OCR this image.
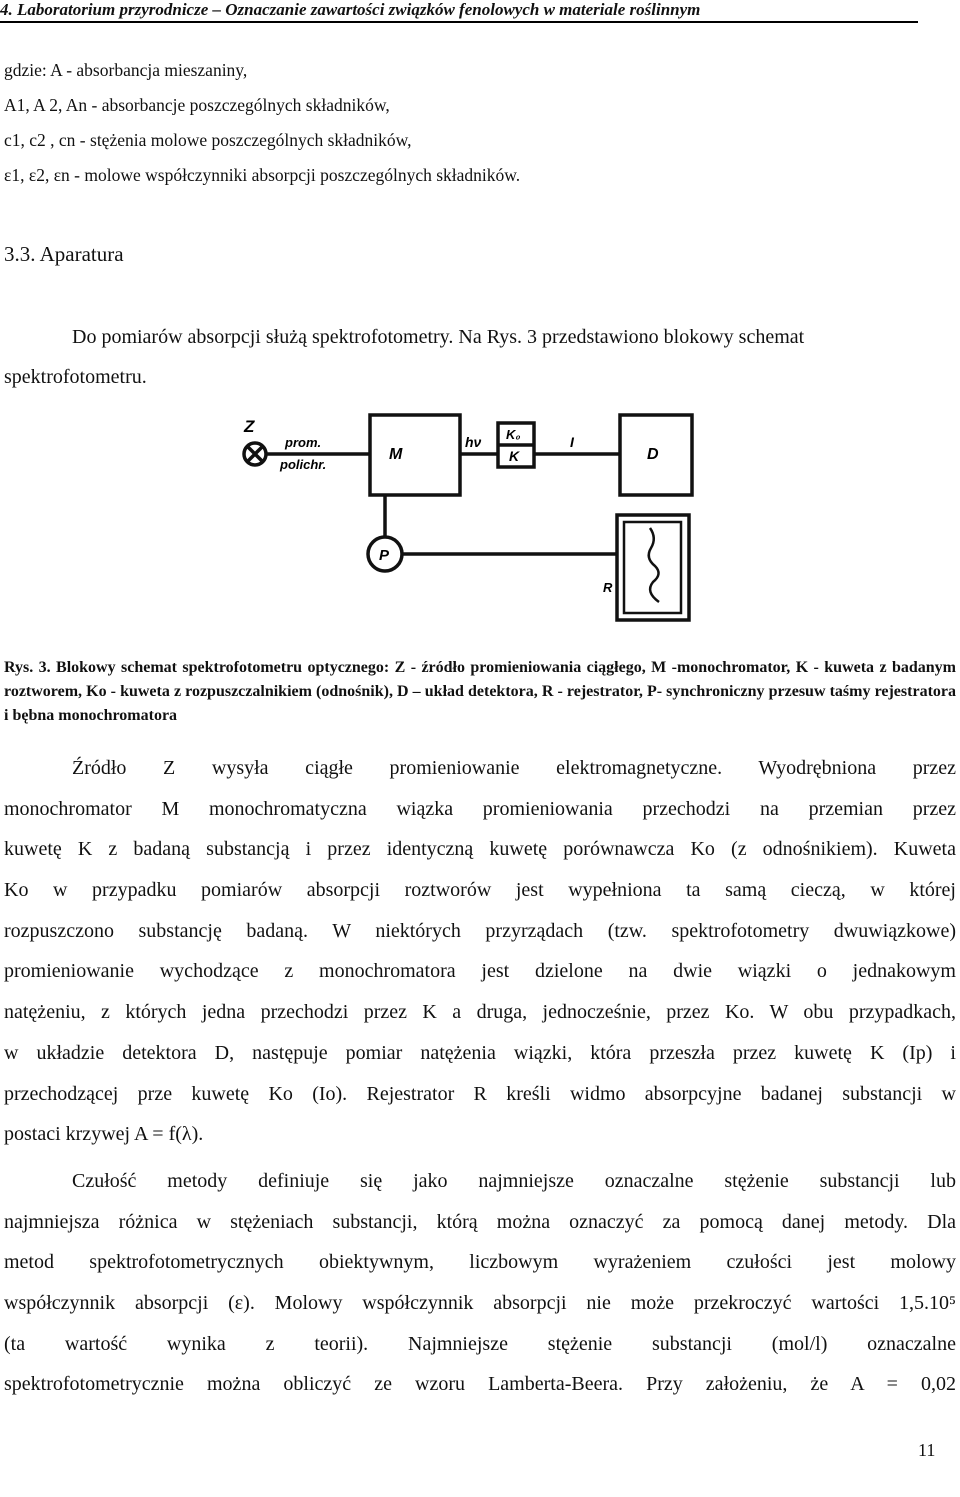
4. Laboratorium przyrodnicze – Oznaczanie zawartości związków fenolowych w materiale roślinnym
gdzie: A - absorbancja mieszaniny,
A1, A 2, An - absorbancje poszczególnych składników,
c1, c2 , cn - stężenia molowe poszczególnych składników,
ε1, ε2, εn - molowe współczynniki absorpcji poszczególnych składników.
3.3. Aparatura
Do pomiarów absorpcji służą spektrofotometry. Na Rys. 3 przedstawiono blokowy schemat
spektrofotometru.
Z
prom.
polichr.
M
hν K₀
K
I
D
P
R
Rys. 3. Blokowy schemat spektrofotometru optycznego: Z - źródło promieniowania ciągłego, M -monochromator, K - kuweta z badanym roztworem, Ko - kuweta z rozpuszczalnikiem (odnośnik), D – układ detektora, R - rejestrator, P- synchroniczny przesuw taśmy rejestratora i bębna monochromatora
Źródło Z wysyła ciągłe promieniowanie elektromagnetyczne. Wyodrębniona przez
monochromator M monochromatyczna wiązka promieniowania przechodzi na przemian przez
kuwetę K z badaną substancją i przez identyczną kuwetę porównawcza Ko (z odnośnikiem). Kuweta
Ko w przypadku pomiarów absorpcji roztworów jest wypełniona ta samą cieczą, w której
rozpuszczono substancję badaną. W niektórych przyrządach (tzw. spektrofotometry dwuwiązkowe)
promieniowanie wychodzące z monochromatora jest dzielone na dwie wiązki o jednakowym
natężeniu, z których jedna przechodzi przez K a druga, jednocześnie, przez Ko. W obu przypadkach,
w układzie detektora D, następuje pomiar natężenia wiązki, która przeszła przez kuwetę K (Ip) i
przechodzącej prze kuwetę Ko (Io). Rejestrator R kreśli widmo absorpcyjne badanej substancji w
postaci krzywej A = f(λ).
Czułość metody definiuje się jako najmniejsze oznaczalne stężenie substancji lub
najmniejsza różnica w stężeniach substancji, którą można oznaczyć za pomocą danej metody. Dla
metod spektrofotometrycznych obiektywnym, liczbowym wyrażeniem czułości jest molowy
współczynnik absorpcji (ε). Molowy współczynnik absorpcji nie może przekroczyć wartości 1,5.10⁵
(ta wartość wynika z teorii). Najmniejsze stężenie substancji (mol/l) oznaczalne
spektrofotometrycznie można obliczyć ze wzoru Lamberta-Beera. Przy założeniu, że A = 0,02
11
